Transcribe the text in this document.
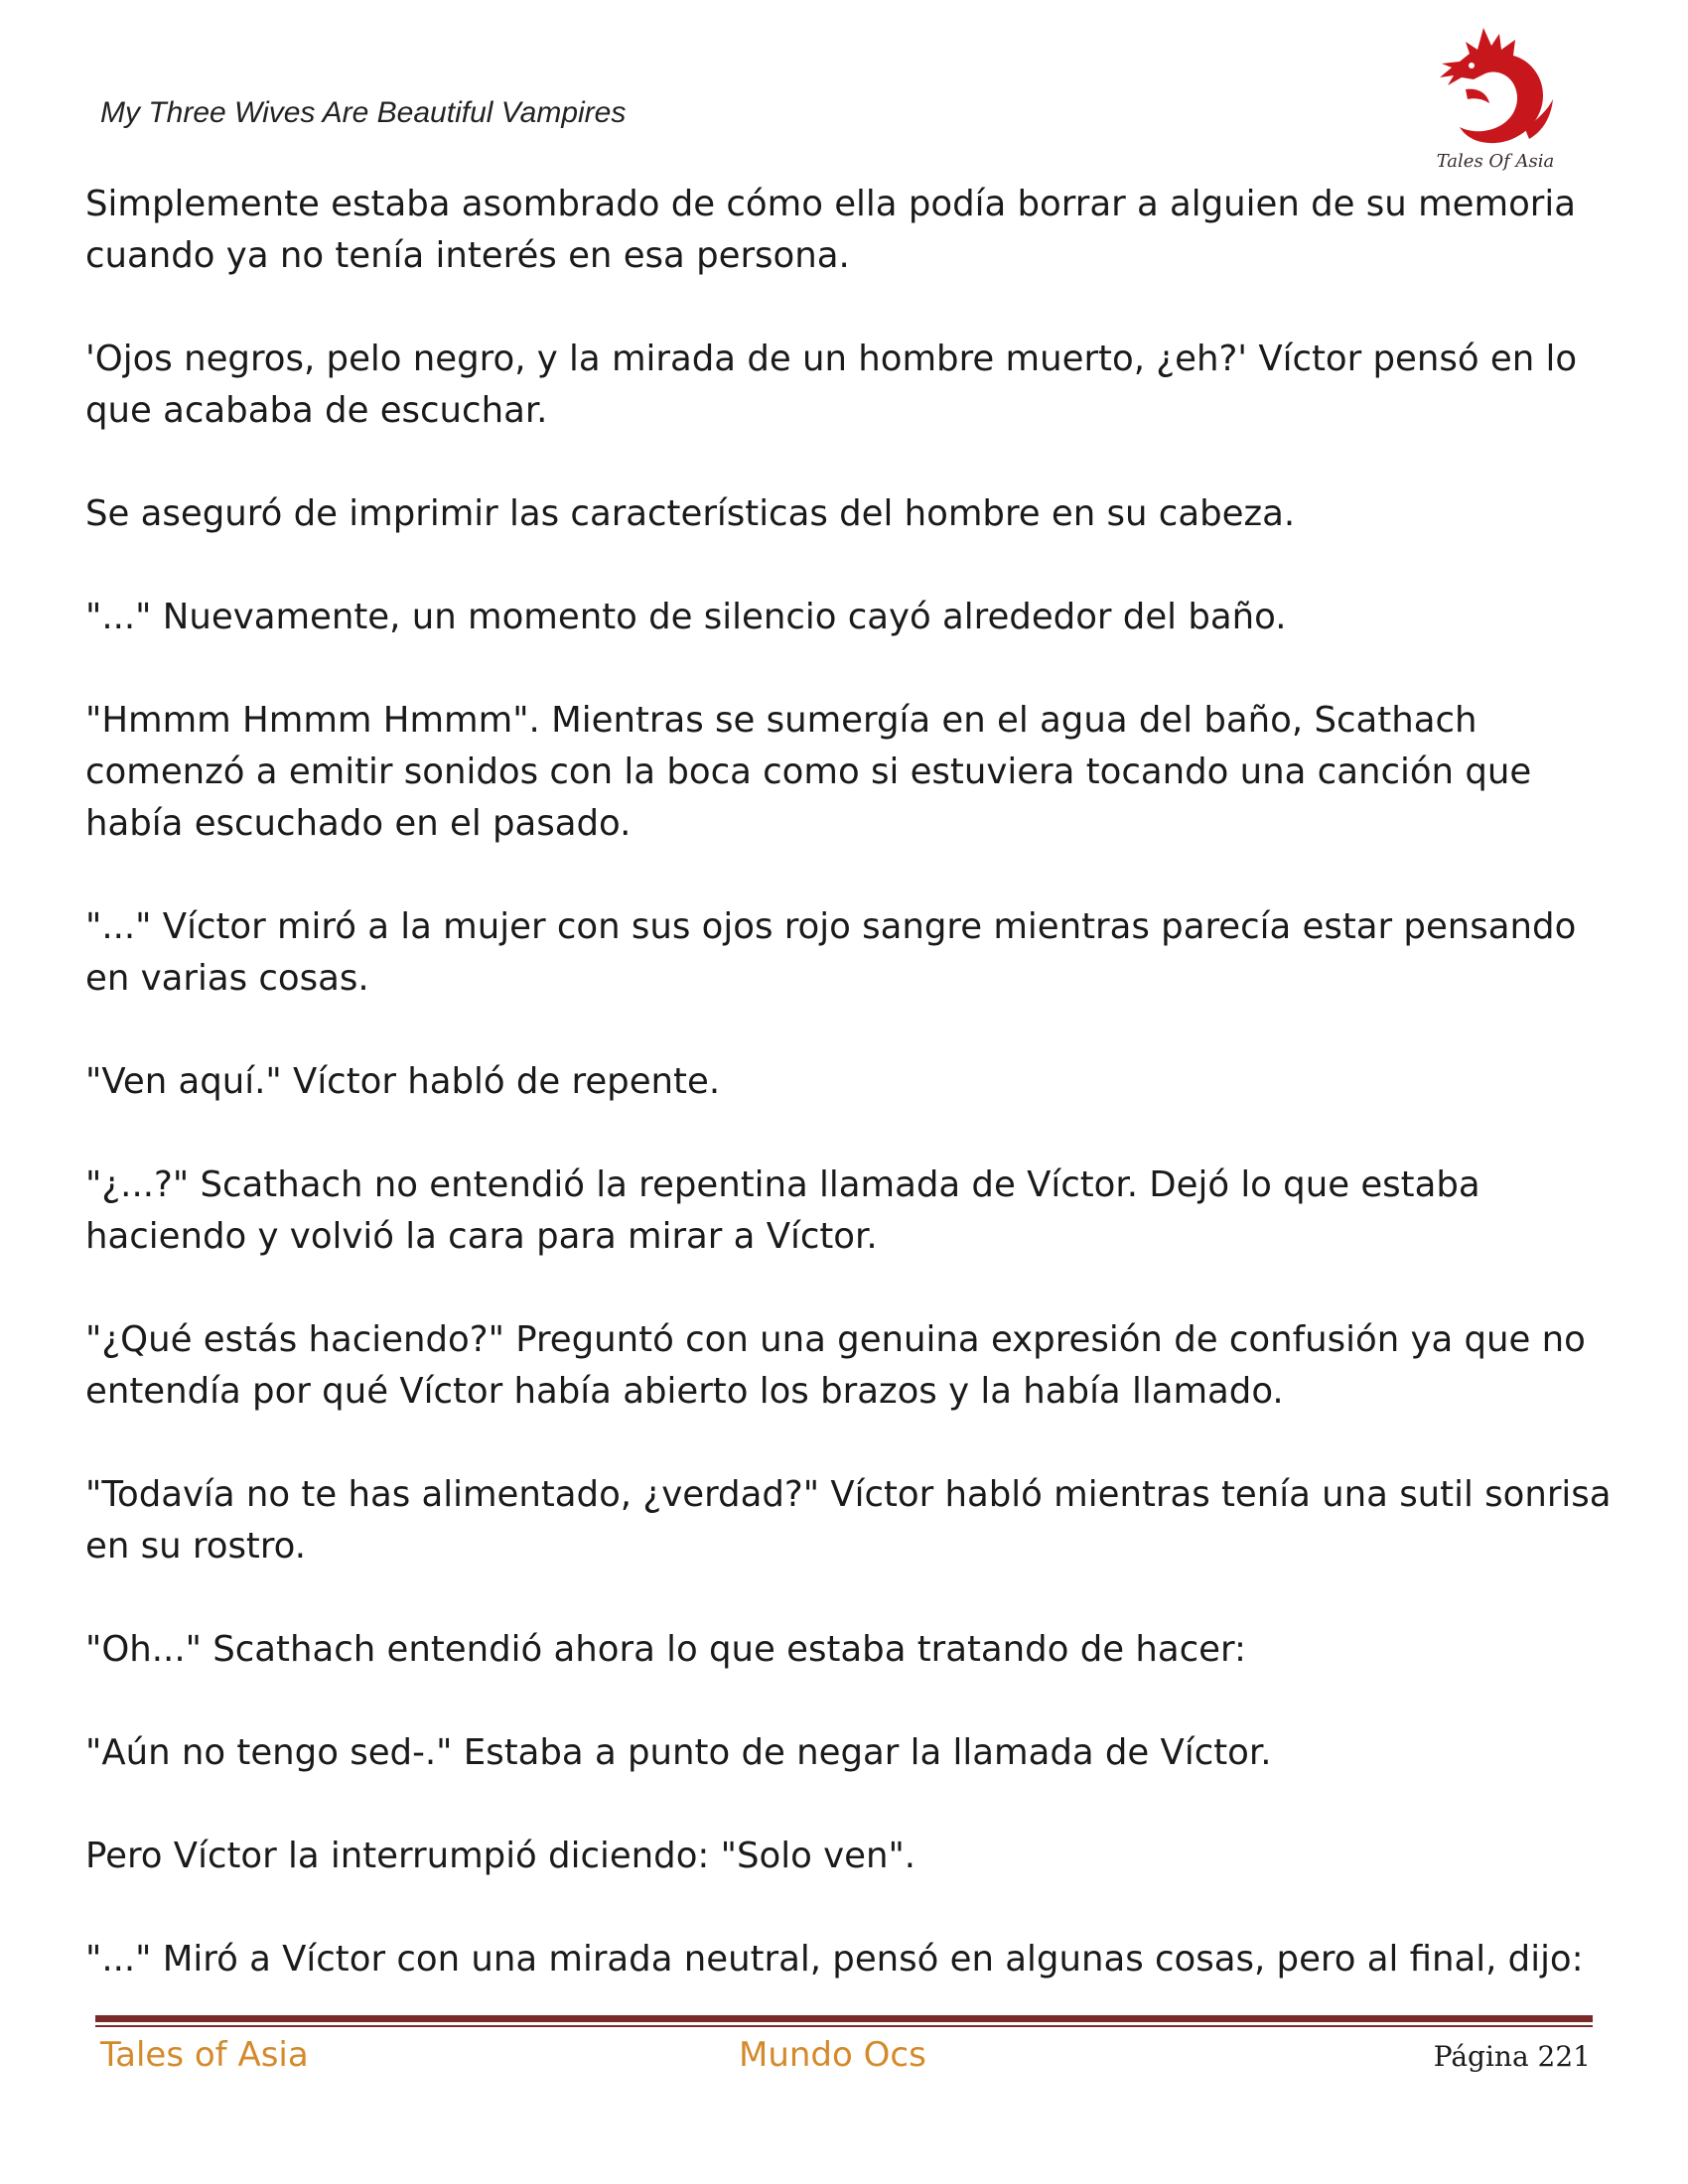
My Three Wives Are Beautiful Vampires
Tales Of Asia

Simplemente estaba asombrado de cómo ella podía borrar a alguien de su memoria cuando ya no tenía interés en esa persona.

'Ojos negros, pelo negro, y la mirada de un hombre muerto, ¿eh?' Víctor pensó en lo que acababa de escuchar.

Se aseguró de imprimir las características del hombre en su cabeza.

"..." Nuevamente, un momento de silencio cayó alrededor del baño.

"Hmmm Hmmm Hmmm". Mientras se sumergía en el agua del baño, Scathach comenzó a emitir sonidos con la boca como si estuviera tocando una canción que había escuchado en el pasado.

"..." Víctor miró a la mujer con sus ojos rojo sangre mientras parecía estar pensando en varias cosas.

"Ven aquí." Víctor habló de repente.

"¿...?" Scathach no entendió la repentina llamada de Víctor. Dejó lo que estaba haciendo y volvió la cara para mirar a Víctor.

"¿Qué estás haciendo?" Preguntó con una genuina expresión de confusión ya que no entendía por qué Víctor había abierto los brazos y la había llamado.

"Todavía no te has alimentado, ¿verdad?" Víctor habló mientras tenía una sutil sonrisa en su rostro.

"Oh..." Scathach entendió ahora lo que estaba tratando de hacer:

"Aún no tengo sed-." Estaba a punto de negar la llamada de Víctor.

Pero Víctor la interrumpió diciendo: "Solo ven".

"..." Miró a Víctor con una mirada neutral, pensó en algunas cosas, pero al final, dijo:

Tales of Asia	Mundo Ocs	Página 221
